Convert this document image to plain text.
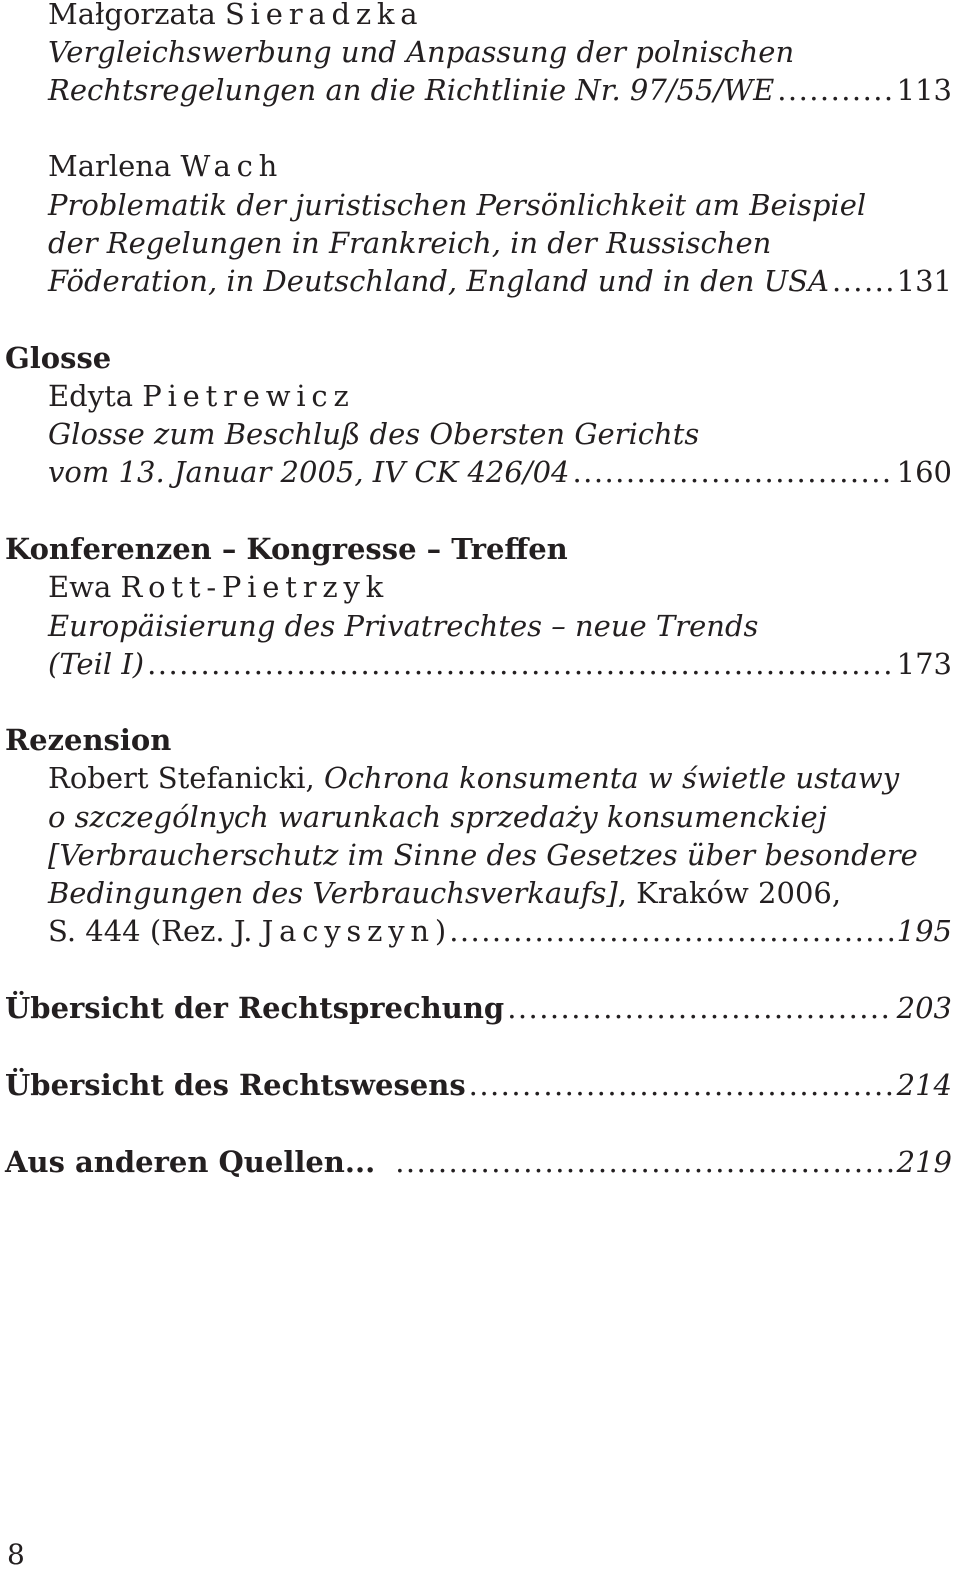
Małgorzata Sieradzka
Vergleichswerbung und Anpassung der polnischen
Rechtsregelungen an die Richtlinie Nr. 97/55/WE .....	113
Marlena Wach
Problematik der juristischen Persönlichkeit am Beispiel
der Regelungen in Frankreich, in der Russischen
Föderation, in Deutschland, England und in den USA ..... 131
Glosse
Edyta Pietrewicz
Glosse zum Beschluß des Obersten Gerichts
vom 13. Januar 2005, IV CK 426/04 .....	160
Konferenzen – Kongresse – Treffen
Ewa Rott-Pietrzyk
Europäisierung des Privatrechtes – neue Trends
(Teil I) .....	173
Rezension
Robert Stefanicki, Ochrona konsumenta w świetle ustawy
o szczególnych warunkach sprzedaży konsumenckiej
[Verbraucherschutz im Sinne des Gesetzes über besondere
Bedingungen des Verbrauchsverkaufs], Kraków 2006,
S. 444 (Rez. J. Jacyszyn) .....	195
Übersicht der Rechtsprechung .....	203
Übersicht des Rechtswesens .....	214
Aus anderen Quellen... .....	219
8
